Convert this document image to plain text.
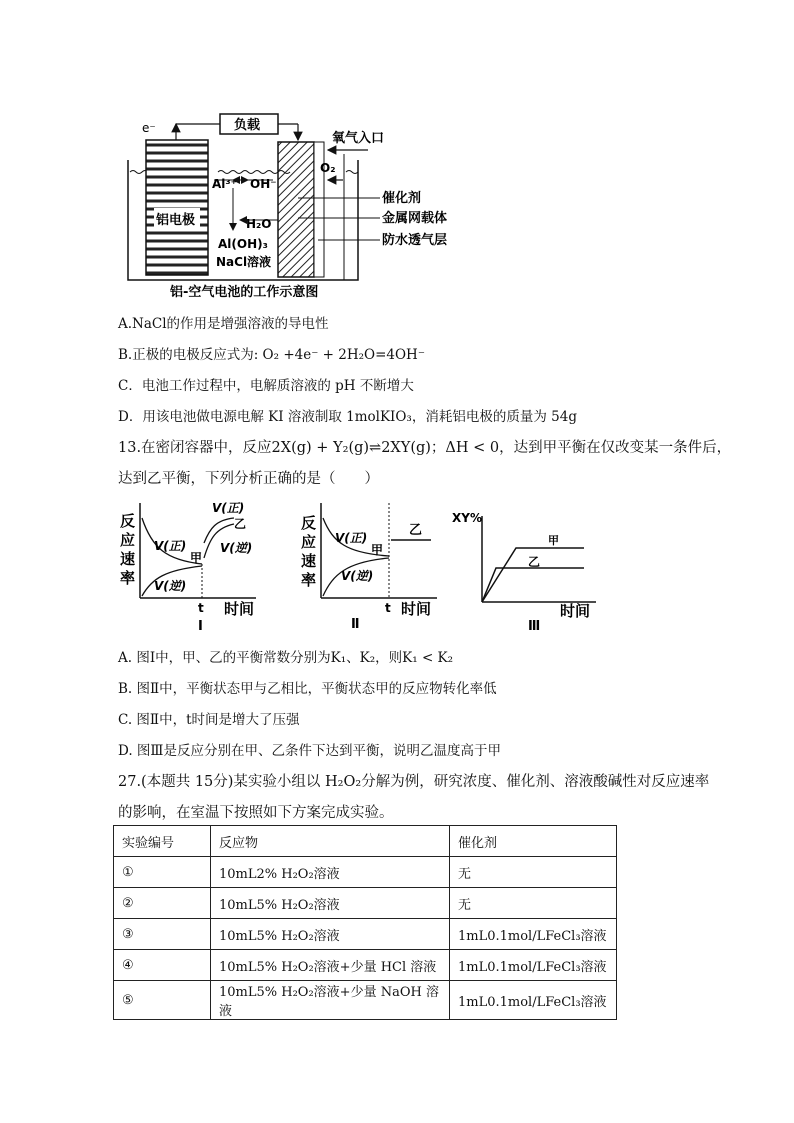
e⁻	负载
氧气入口
O₂
Al³⁺ OH⁻
H₂O
Al(OH)₃
NaCl溶液
铝电极
催化剂
金属网载体
防水透气层
铝-空气电池的工作示意图
A.NaCl的作用是增强溶液的导电性
B.正极的电极反应式为: O₂ +4e⁻ + 2H₂O=4OH⁻
C．电池工作过程中，电解质溶液的 pH 不断增大
D．用该电池做电源电解 KI 溶液制取 1molKIO₃，消耗铝电极的质量为 54g
13.在密闭容器中，反应2X(g) + Y₂(g)⇌2XY(g)；ΔH < 0，达到甲平衡在仅改变某一条件后，
达到乙平衡，下列分析正确的是（　　）
反
应
速
率
V(正)
V(逆)
甲
V(正)
乙
V(逆)
t 时间
Ⅰ
反
应
速
率
V(正)
V(逆)
甲
乙
t 时间
Ⅱ
XY%
甲
乙
时间
Ⅲ
A. 图Ⅰ中，甲、乙的平衡常数分别为K₁、K₂，则K₁ < K₂
B. 图Ⅱ中，平衡状态甲与乙相比，平衡状态甲的反应物转化率低
C. 图Ⅱ中，t时间是增大了压强
D. 图Ⅲ是反应分别在甲、乙条件下达到平衡，说明乙温度高于甲
27.(本题共 15分)某实验小组以 H₂O₂分解为例，研究浓度、催化剂、溶液酸碱性对反应速率
的影响，在室温下按照如下方案完成实验。
实验编号	反应物	催化剂
①	10mL2% H₂O₂溶液	无
②	10mL5% H₂O₂溶液	无
③	10mL5% H₂O₂溶液	1mL0.1mol/LFeCl₃溶液
④	10mL5% H₂O₂溶液+少量 HCl 溶液	1mL0.1mol/LFeCl₃溶液
⑤	10mL5% H₂O₂溶液+少量 NaOH 溶液	1mL0.1mol/LFeCl₃溶液
